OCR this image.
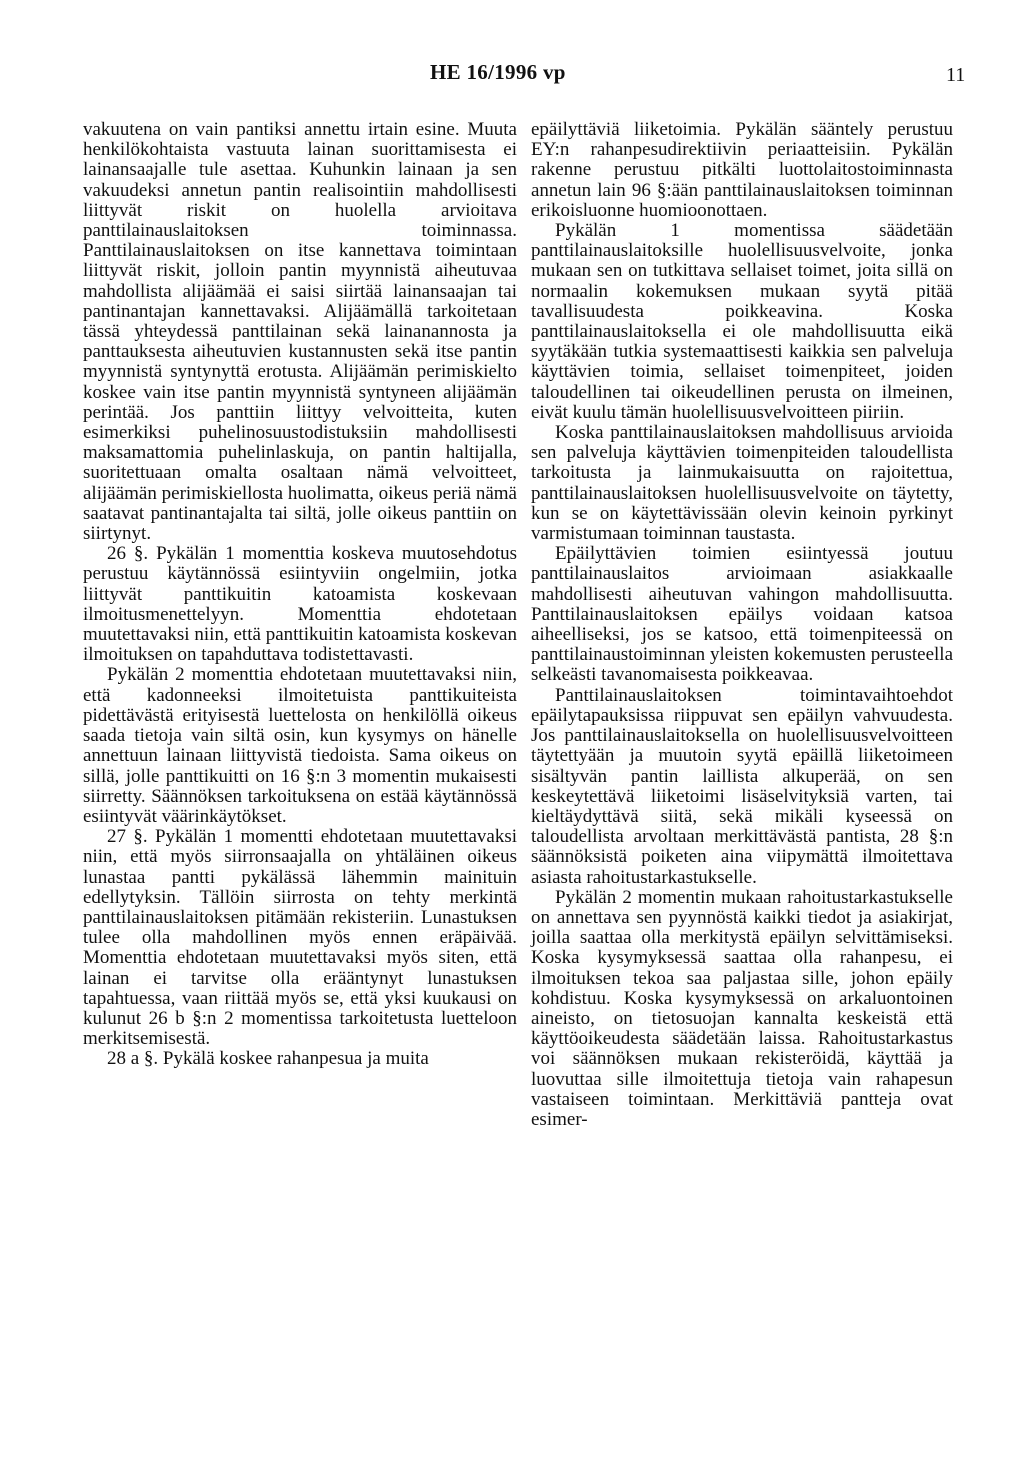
HE 16/1996 vp	11

vakuutena on vain pantiksi annettu irtain esine. Muuta henkilökohtaista vastuuta lainan suorittamisesta ei lainansaajalle tule asettaa. Kuhunkin lainaan ja sen vakuudeksi annetun pantin realisointiin mahdollisesti liittyvät riskit on huolella arvioitava panttilainauslaitoksen toiminnassa. Panttilainauslaitoksen on itse kannettava toimintaan liittyvät riskit, jolloin pantin myynnistä aiheutuvaa mahdollista alijäämää ei saisi siirtää lainansaajan tai pantinantajan kannettavaksi. Alijäämällä tarkoitetaan tässä yhteydessä panttilainan sekä lainanannosta ja panttauksesta aiheutuvien kustannusten sekä itse pantin myynnistä syntynyttä erotusta. Alijäämän perimiskielto koskee vain itse pantin myynnistä syntyneen alijäämän perintää. Jos panttiin liittyy velvoitteita, kuten esimerkiksi puhelinosuustodistuksiin mahdollisesti maksamattomia puhelinlaskuja, on pantin haltijalla, suoritettuaan omalta osaltaan nämä velvoitteet, alijäämän perimiskiellosta huolimatta, oikeus periä nämä saatavat pantinantajalta tai siltä, jolle oikeus panttiin on siirtynyt.

26 §. Pykälän 1 momenttia koskeva muutosehdotus perustuu käytännössä esiintyviin ongelmiin, jotka liittyvät panttikuitin katoamista koskevaan ilmoitusmenettelyyn. Momenttia ehdotetaan muutettavaksi niin, että panttikuitin katoamista koskevan ilmoituksen on tapahduttava todistettavasti.

Pykälän 2 momenttia ehdotetaan muutettavaksi niin, että kadonneeksi ilmoitetuista panttikuiteista pidettävästä erityisestä luettelosta on henkilöllä oikeus saada tietoja vain siltä osin, kun kysymys on hänelle annettuun lainaan liittyvistä tiedoista. Sama oikeus on sillä, jolle panttikuitti on 16 §:n 3 momentin mukaisesti siirretty. Säännöksen tarkoituksena on estää käytännössä esiintyvät väärinkäytökset.

27 §. Pykälän 1 momentti ehdotetaan muutettavaksi niin, että myös siirronsaajalla on yhtäläinen oikeus lunastaa pantti pykälässä lähemmin mainituin edellytyksin. Tällöin siirrosta on tehty merkintä panttilainauslaitoksen pitämään rekisteriin. Lunastuksen tulee olla mahdollinen myös ennen eräpäivää. Momenttia ehdotetaan muutettavaksi myös siten, että lainan ei tarvitse olla erääntynyt lunastuksen tapahtuessa, vaan riittää myös se, että yksi kuukausi on kulunut 26 b §:n 2 momentissa tarkoitetusta luetteloon merkitsemisestä.

28 a §. Pykälä koskee rahanpesua ja muita

epäilyttäviä liiketoimia. Pykälän sääntely perustuu EY:n rahanpesudirektiivin periaatteisiin. Pykälän rakenne perustuu pitkälti luottolaitostoiminnasta annetun lain 96 §:ään panttilainauslaitoksen toiminnan erikoisluonne huomioonottaen.

Pykälän 1 momentissa säädetään panttilainauslaitoksille huolellisuusvelvoite, jonka mukaan sen on tutkittava sellaiset toimet, joita sillä on normaalin kokemuksen mukaan syytä pitää tavallisuudesta poikkeavina. Koska panttilainauslaitoksella ei ole mahdollisuutta eikä syytäkään tutkia systemaattisesti kaikkia sen palveluja käyttävien toimia, sellaiset toimenpiteet, joiden taloudellinen tai oikeudellinen perusta on ilmeinen, eivät kuulu tämän huolellisuusvelvoitteen piiriin.

Koska panttilainauslaitoksen mahdollisuus arvioida sen palveluja käyttävien toimenpiteiden taloudellista tarkoitusta ja lainmukaisuutta on rajoitettua, panttilainauslaitoksen huolellisuusvelvoite on täytetty, kun se on käytettävissään olevin keinoin pyrkinyt varmistumaan toiminnan taustasta.

Epäilyttävien toimien esiintyessä joutuu panttilainauslaitos arvioimaan asiakkaalle mahdollisesti aiheutuvan vahingon mahdollisuutta. Panttilainauslaitoksen epäilys voidaan katsoa aiheelliseksi, jos se katsoo, että toimenpiteessä on panttilainaustoiminnan yleisten kokemusten perusteella selkeästi tavanomaisesta poikkeavaa.

Panttilainauslaitoksen toimintavaihtoehdot epäilytapauksissa riippuvat sen epäilyn vahvuudesta. Jos panttilainauslaitoksella on huolellisuusvelvoitteen täytettyään ja muutoin syytä epäillä liiketoimeen sisältyvän pantin laillista alkuperää, on sen keskeytettävä liiketoimi lisäselvityksiä varten, tai kieltäydyttävä siitä, sekä mikäli kyseessä on taloudellista arvoltaan merkittävästä pantista, 28 §:n säännöksistä poiketen aina viipymättä ilmoitettava asiasta rahoitustarkastukselle.

Pykälän 2 momentin mukaan rahoitustarkastukselle on annettava sen pyynnöstä kaikki tiedot ja asiakirjat, joilla saattaa olla merkitystä epäilyn selvittämiseksi. Koska kysymyksessä saattaa olla rahanpesu, ei ilmoituksen tekoa saa paljastaa sille, johon epäily kohdistuu. Koska kysymyksessä on arkaluontoinen aineisto, on tietosuojan kannalta keskeistä että käyttöoikeudesta säädetään laissa. Rahoitustarkastus voi säännöksen mukaan rekisteröidä, käyttää ja luovuttaa sille ilmoitettuja tietoja vain rahapesun vastaiseen toimintaan. Merkittäviä pantteja ovat esimer-
